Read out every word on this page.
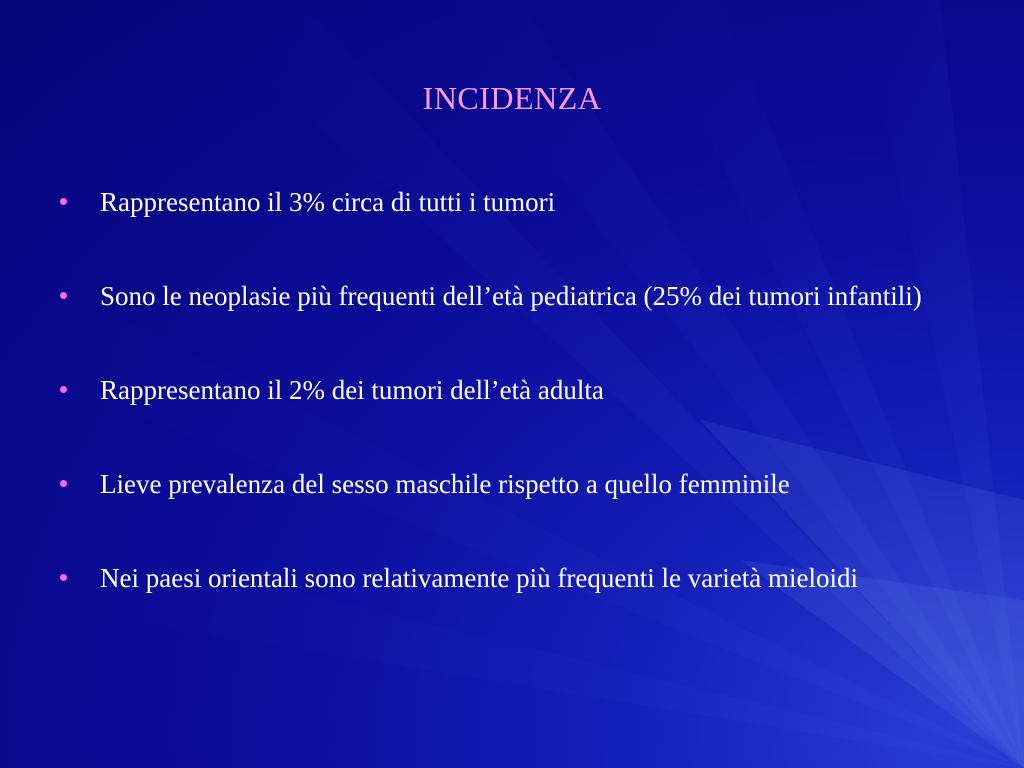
INCIDENZA
Rappresentano il 3% circa di tutti i tumori
Sono le neoplasie più frequenti dell’età pediatrica (25% dei tumori infantili)
Rappresentano il 2% dei tumori dell’età adulta
Lieve prevalenza del sesso maschile rispetto a quello femminile
Nei paesi orientali sono relativamente più frequenti le varietà mieloidi
